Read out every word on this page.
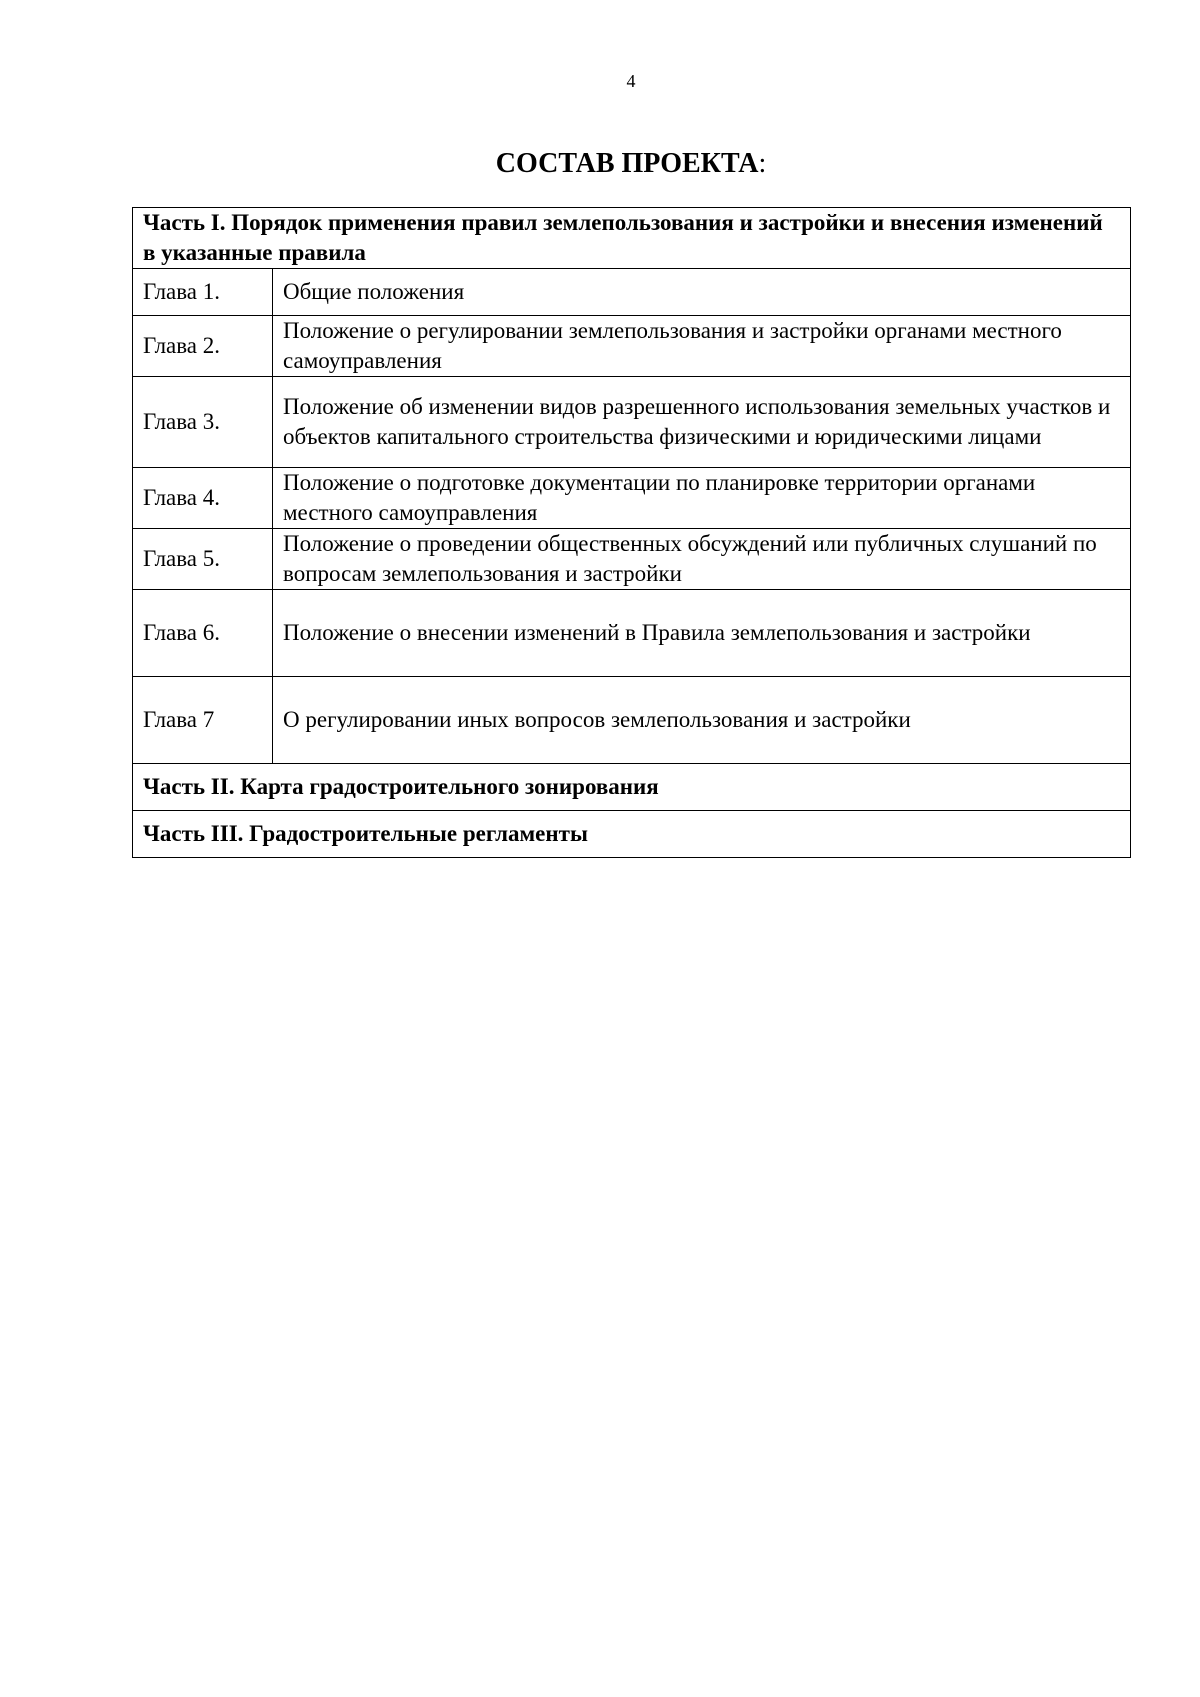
4
СОСТАВ ПРОЕКТА:
Часть I. Порядок применения правил землепользования и застройки и внесения изменений в указанные правила	
Глава 1.	Общие положения
Глава 2.	Положение о регулировании землепользования и застройки органами местного самоуправления
Глава 3.	Положение об изменении видов разрешенного использования земельных участков и объектов капитального строительства физическими и юридическими лицами
Глава 4.	Положение о подготовке документации по планировке территории органами местного самоуправления
Глава 5.	Положение о проведении общественных обсуждений или публичных слушаний по вопросам землепользования и застройки
Глава 6.	Положение о внесении изменений в Правила землепользования и застройки
Глава 7	О регулировании иных вопросов землепользования и застройки
Часть II. Карта градостроительного зонирования	
Часть III. Градостроительные регламенты	
